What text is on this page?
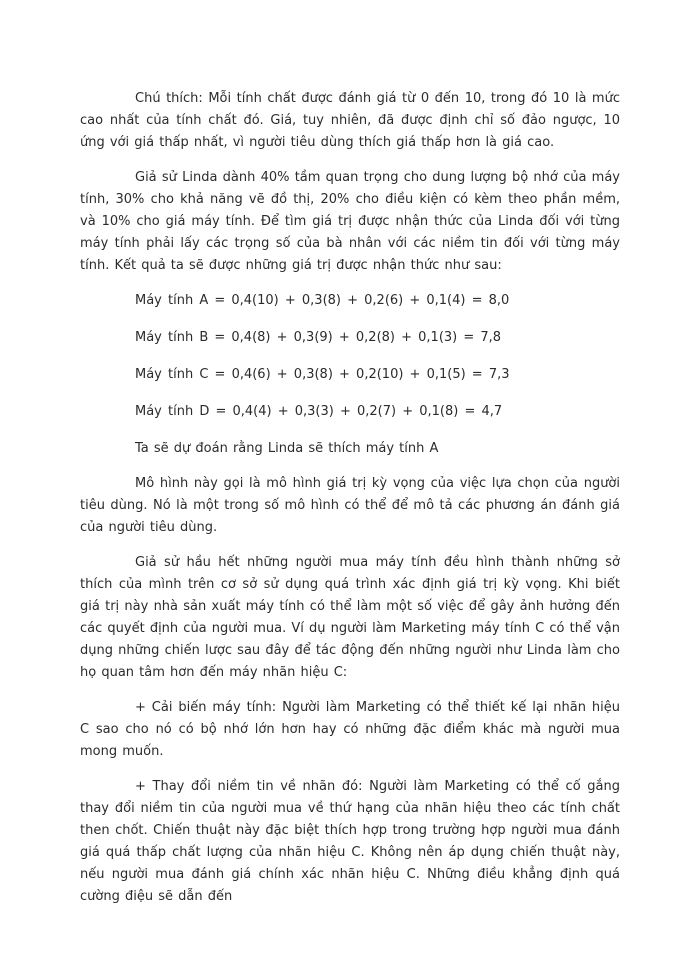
Chú thích: Mỗi tính chất được đánh giá từ 0 đến 10, trong đó 10 là mức cao nhất của tính chất đó. Giá, tuy nhiên, đã được định chỉ số đảo ngược, 10 ứng với giá thấp nhất, vì người tiêu dùng thích giá thấp hơn là giá cao.

Giả sử Linda dành 40% tầm quan trọng cho dung lượng bộ nhớ của máy tính, 30% cho khả năng vẽ đồ thị, 20% cho điều kiện có kèm theo phần mềm, và 10% cho giá máy tính. Để tìm giá trị được nhận thức của Linda đối với từng máy tính phải lấy các trọng số của bà nhân với các niềm tin đối với từng máy tính. Kết quả ta sẽ được những giá trị được nhận thức như sau:

Máy tính A = 0,4(10) + 0,3(8) + 0,2(6) + 0,1(4) = 8,0

Máy tính B = 0,4(8) + 0,3(9) + 0,2(8) + 0,1(3) = 7,8

Máy tính C = 0,4(6) + 0,3(8) + 0,2(10) + 0,1(5) = 7,3

Máy tính D = 0,4(4) + 0,3(3) + 0,2(7) + 0,1(8) = 4,7

Ta sẽ dự đoán rằng Linda sẽ thích máy tính A

Mô hình này gọi là mô hình giá trị kỳ vọng của việc lựa chọn của người tiêu dùng. Nó là một trong số mô hình có thể để mô tả các phương án đánh giá của người tiêu dùng.

Giả sử hầu hết những người mua máy tính đều hình thành những sở thích của mình trên cơ sở sử dụng quá trình xác định giá trị kỳ vọng. Khi biết giá trị này nhà sản xuất máy tính có thể làm một số việc để gây ảnh hưởng đến các quyết định của người mua. Ví dụ người làm Marketing máy tính C có thể vận dụng những chiến lược sau đây để tác động đến những người như Linda làm cho họ quan tâm hơn đến máy nhãn hiệu C:

+ Cải biến máy tính: Người làm Marketing có thể thiết kế lại nhãn hiệu C sao cho nó có bộ nhớ lớn hơn hay có những đặc điểm khác mà người mua mong muốn.

+ Thay đổi niềm tin về nhãn đó: Người làm Marketing có thể cố gắng thay đổi niềm tin của người mua về thứ hạng của nhãn hiệu theo các tính chất then chốt. Chiến thuật này đặc biệt thích hợp trong trường hợp người mua đánh giá quá thấp chất lượng của nhãn hiệu C. Không nên áp dụng chiến thuật này, nếu người mua đánh giá chính xác nhãn hiệu C. Những điều khẳng định quá cường điệu sẽ dẫn đến
